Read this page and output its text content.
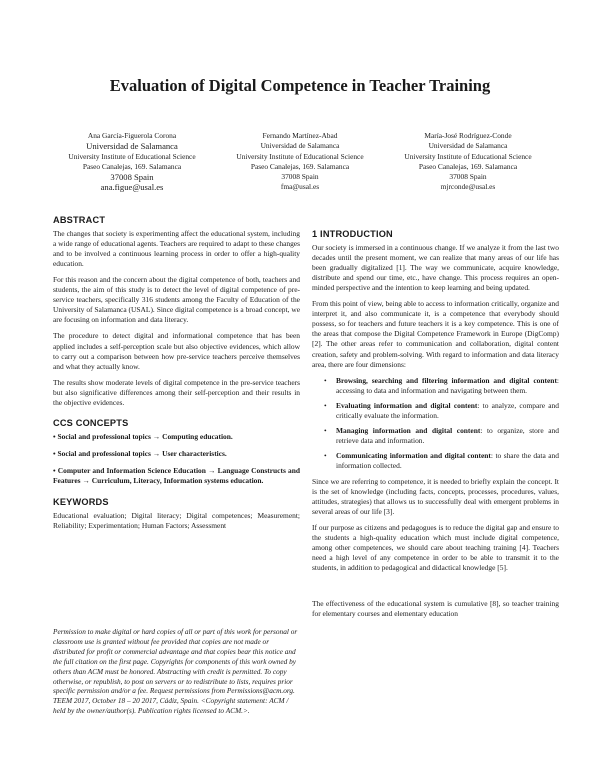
Evaluation of Digital Competence in Teacher Training
Ana García-Figuerola Corona
Universidad de Salamanca
University Institute of Educational Science
Paseo Canalejas, 169. Salamanca
37008 Spain
ana.figue@usal.es
Fernando Martínez-Abad
Universidad de Salamanca
University Institute of Educational Science
Paseo Canalejas, 169. Salamanca
37008 Spain
fma@usal.es
María-José Rodríguez-Conde
Universidad de Salamanca
University Institute of Educational Science
Paseo Canalejas, 169. Salamanca
37008 Spain
mjrconde@usal.es
ABSTRACT

The changes that society is experimenting affect the educational system, including a wide range of educational agents. Teachers are required to adapt to these changes and to be involved a continuous learning process in order to offer a high-quality education.

For this reason and the concern about the digital competence of both, teachers and students, the aim of this study is to detect the level of digital competence of pre-service teachers, specifically 316 students among the Faculty of Education of the University of Salamanca (USAL). Since digital competence is a broad concept, we are focusing on information and data literacy.

The procedure to detect digital and informational competence that has been applied includes a self-perception scale but also objective evidences, which allow to carry out a comparison between how pre-service teachers perceive themselves and what they actually know.

The results show moderate levels of digital competence in the pre-service teachers but also significative differences among their self-perception and their results in the objective evidences.

CCS CONCEPTS

• Social and professional topics → Computing education.

• Social and professional topics → User characteristics.

• Computer and Information Science Education → Language Constructs and Features → Curriculum, Literacy, Information systems education.

KEYWORDS

Educational evaluation; Digital literacy; Digital competences; Measurement; Reliability; Experimentation; Human Factors; Assessment

Permission to make digital or hard copies of all or part of this work for personal or classroom use is granted without fee provided that copies are not made or distributed for profit or commercial advantage and that copies bear this notice and the full citation on the first page. Copyrights for components of this work owned by others than ACM must be honored. Abstracting with credit is permitted. To copy otherwise, or republish, to post on servers or to redistribute to lists, requires prior specific permission and/or a fee. Request permissions from Permissions@acm.org.
TEEM 2017, October 18 – 20 2017, Cádiz, Spain. <Copyright statement: ACM / held by the owner/author(s). Publication rights licensed to ACM.>.
1 INTRODUCTION

Our society is immersed in a continuous change. If we analyze it from the last two decades until the present moment, we can realize that many areas of our life has been gradually digitalized [1]. The way we communicate, acquire knowledge, distribute and spend our time, etc., have change. This process requires an open-minded perspective and the intention to keep learning and being updated.

From this point of view, being able to access to information critically, organize and interpret it, and also communicate it, is a competence that everybody should possess, so for teachers and future teachers it is a key competence. This is one of the areas that compose the Digital Competence Framework in Europe (DigComp) [2]. The other areas refer to communication and collaboration, digital content creation, safety and problem-solving. With regard to information and data literacy area, there are four dimensions:

• Browsing, searching and filtering information and digital content: accessing to data and information and navigating between them.
• Evaluating information and digital content: to analyze, compare and critically evaluate the information.
• Managing information and digital content: to organize, store and retrieve data and information.
• Communicating information and digital content: to share the data and information collected.

Since we are referring to competence, it is needed to briefly explain the concept. It is the set of knowledge (including facts, concepts, processes, procedures, values, attitudes, strategies) that allows us to successfully deal with emergent problems in several areas of our life [3].

If our purpose as citizens and pedagogues is to reduce the digital gap and ensure to the students a high-quality education which must include digital competence, among other competences, we should care about teaching training [4]. Teachers need a high level of any competence in order to be able to transmit it to the students, in addition to pedagogical and didactical knowledge [5].

The effectiveness of the educational system is cumulative [8], so teacher training for elementary courses and elementary education
